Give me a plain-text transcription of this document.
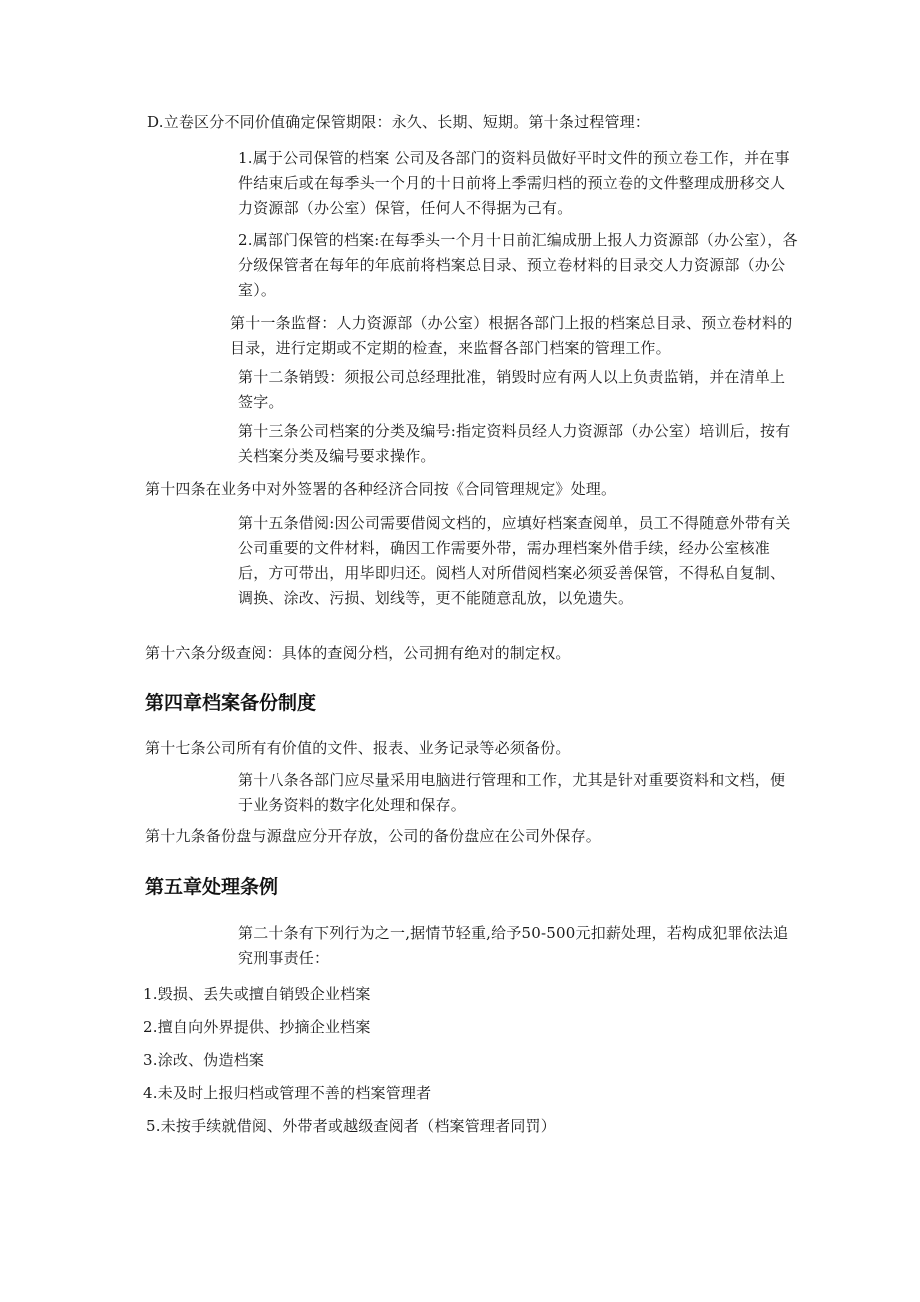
D.立卷区分不同价值确定保管期限：永久、长期、短期。第十条过程管理：

1.属于公司保管的档案 公司及各部门的资料员做好平时文件的预立卷工作，并在事件结束后或在每季头一个月的十日前将上季需归档的预立卷的文件整理成册移交人力资源部（办公室）保管，任何人不得据为己有。

2.属部门保管的档案:在每季头一个月十日前汇编成册上报人力资源部（办公室），各分级保管者在每年的年底前将档案总目录、预立卷材料的目录交人力资源部（办公室）。

第十一条监督：人力资源部（办公室）根据各部门上报的档案总目录、预立卷材料的目录，进行定期或不定期的检查，来监督各部门档案的管理工作。

第十二条销毁：须报公司总经理批准，销毁时应有两人以上负责监销，并在清单上签字。

第十三条公司档案的分类及编号:指定资料员经人力资源部（办公室）培训后，按有关档案分类及编号要求操作。

第十四条在业务中对外签署的各种经济合同按《合同管理规定》处理。

第十五条借阅:因公司需要借阅文档的，应填好档案查阅单，员工不得随意外带有关公司重要的文件材料，确因工作需要外带，需办理档案外借手续，经办公室核准后，方可带出，用毕即归还。阅档人对所借阅档案必须妥善保管，不得私自复制、调换、涂改、污损、划线等，更不能随意乱放，以免遗失。

第十六条分级查阅：具体的查阅分档，公司拥有绝对的制定权。

第四章档案备份制度

第十七条公司所有有价值的文件、报表、业务记录等必须备份。

第十八条各部门应尽量采用电脑进行管理和工作，尤其是针对重要资料和文档，便于业务资料的数字化处理和保存。

第十九条备份盘与源盘应分开存放，公司的备份盘应在公司外保存。

第五章处理条例

第二十条有下列行为之一,据情节轻重,给予50-500元扣薪处理，若构成犯罪依法追究刑事责任：

1.毁损、丢失或擅自销毁企业档案

2.擅自向外界提供、抄摘企业档案

3.涂改、伪造档案

4.未及时上报归档或管理不善的档案管理者

5.未按手续就借阅、外带者或越级查阅者（档案管理者同罚）
